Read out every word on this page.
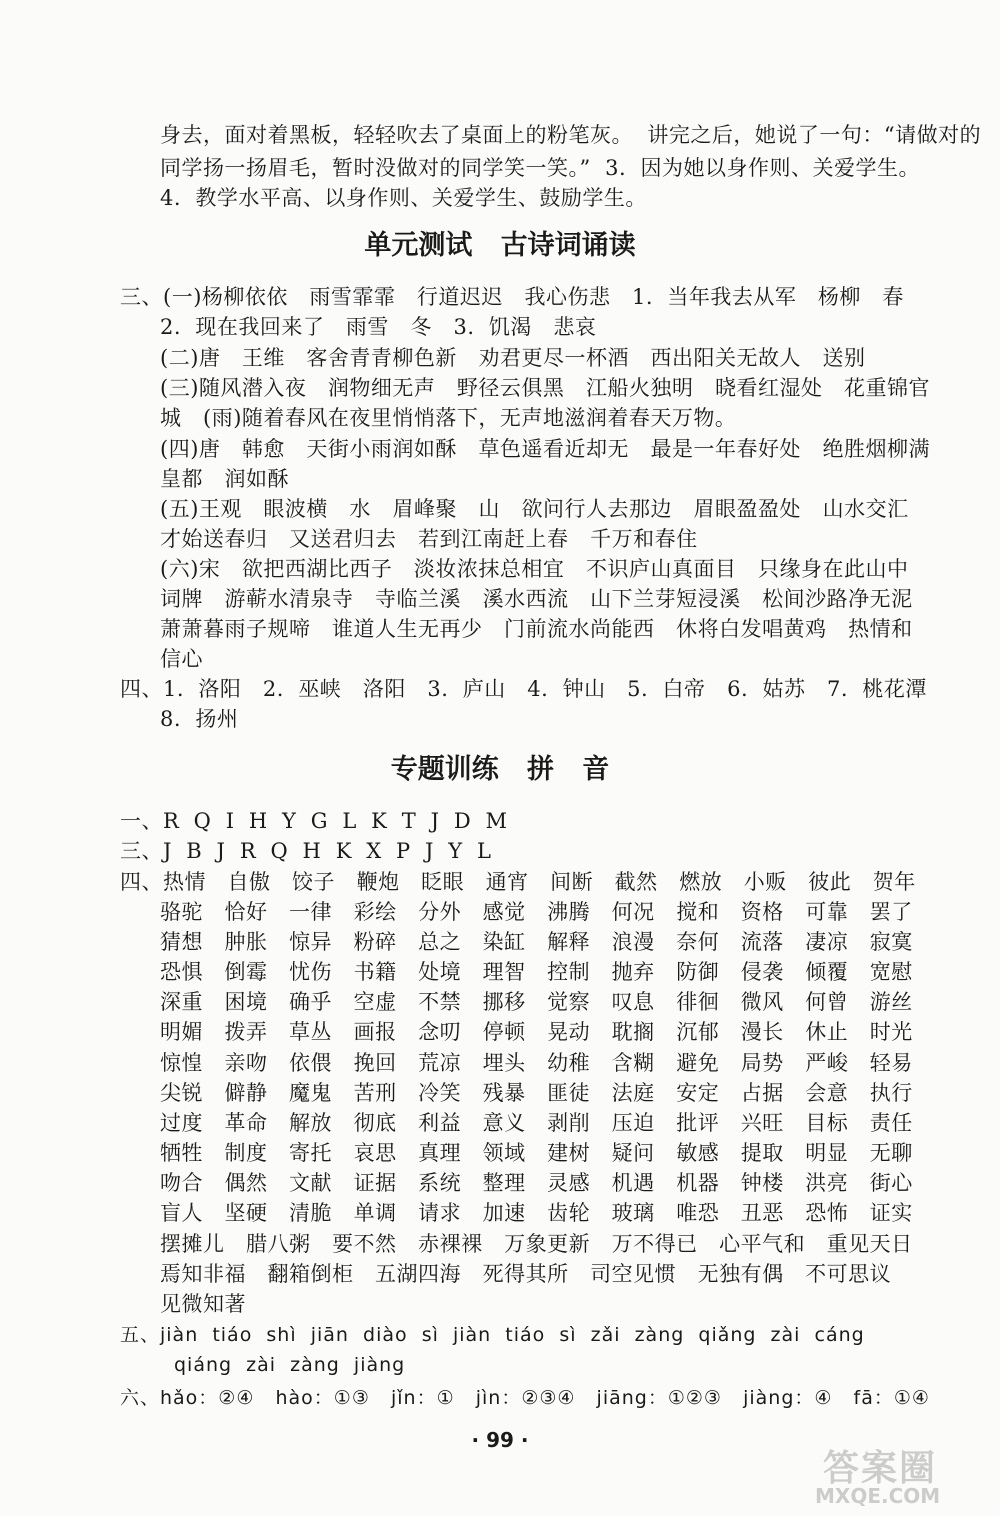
身去，面对着黑板，轻轻吹去了桌面上的粉笔灰。  讲完之后，她说了一句：“请做对的
同学扬一扬眉毛，暂时没做对的同学笑一笑。”  3.  因为她以身作则、关爱学生。
4.  教学水平高、以身作则、关爱学生、鼓励学生。
单元测试   古诗词诵读
三、(一)杨柳依依   雨雪霏霏   行道迟迟   我心伤悲   1.  当年我去从军   杨柳   春
2.  现在我回来了   雨雪   冬   3.  饥渴   悲哀
(二)唐   王维   客舍青青柳色新   劝君更尽一杯酒   西出阳关无故人   送别
(三)随风潜入夜   润物细无声   野径云俱黑   江船火独明   晓看红湿处   花重锦官
城   (雨)随着春风在夜里悄悄落下，无声地滋润着春天万物。
(四)唐   韩愈   天街小雨润如酥   草色遥看近却无   最是一年春好处   绝胜烟柳满
皇都   润如酥
(五)王观   眼波横   水   眉峰聚   山   欲问行人去那边   眉眼盈盈处   山水交汇
才始送春归   又送君归去   若到江南赶上春   千万和春住
(六)宋   欲把西湖比西子   淡妆浓抹总相宜   不识庐山真面目   只缘身在此山中
词牌   游蕲水清泉寺   寺临兰溪   溪水西流   山下兰芽短浸溪   松间沙路净无泥
萧萧暮雨子规啼   谁道人生无再少   门前流水尚能西   休将白发唱黄鸡   热情和
信心
四、1.  洛阳   2.  巫峡   洛阳   3.  庐山   4.  钟山   5.  白帝   6.  姑苏   7.  桃花潭
8.  扬州
专题训练   拼   音
一、R  Q  I  H  Y  G  L  K  T  J  D  M
三、J  B  J  R  Q  H  K  X  P  J  Y  L
四、热情   自傲   饺子   鞭炮   眨眼   通宵   间断   截然   燃放   小贩   彼此   贺年
骆驼   恰好   一律   彩绘   分外   感觉   沸腾   何况   搅和   资格   可靠   罢了
猜想   肿胀   惊异   粉碎   总之   染缸   解释   浪漫   奈何   流落   凄凉   寂寞
恐惧   倒霉   忧伤   书籍   处境   理智   控制   抛弃   防御   侵袭   倾覆   宽慰
深重   困境   确乎   空虚   不禁   挪移   觉察   叹息   徘徊   微风   何曾   游丝
明媚   拨弄   草丛   画报   念叨   停顿   晃动   耽搁   沉郁   漫长   休止   时光
惊惶   亲吻   依偎   挽回   荒凉   埋头   幼稚   含糊   避免   局势   严峻   轻易
尖锐   僻静   魔鬼   苦刑   冷笑   残暴   匪徒   法庭   安定   占据   会意   执行
过度   革命   解放   彻底   利益   意义   剥削   压迫   批评   兴旺   目标   责任
牺牲   制度   寄托   哀思   真理   领域   建树   疑问   敏感   提取   明显   无聊
吻合   偶然   文献   证据   系统   整理   灵感   机遇   机器   钟楼   洪亮   街心
盲人   坚硬   清脆   单调   请求   加速   齿轮   玻璃   唯恐   丑恶   恐怖   证实
摆摊儿   腊八粥   要不然   赤裸裸   万象更新   万不得已   心平气和   重见天日
焉知非福   翻箱倒柜   五湖四海   死得其所   司空见惯   无独有偶   不可思议
见微知著
五、jiàn  tiáo  shì  jiān  diào  sì  jiàn  tiáo  sì  zǎi  zàng  qiǎng  zài  cáng
qiáng  zài  zàng  jiàng
六、hǎo：②④   hào：①③   jǐn：①   jìn：②③④   jiāng：①②③   jiàng：④   fā：①④
· 99 ·
答案圈
MXQE.COM
